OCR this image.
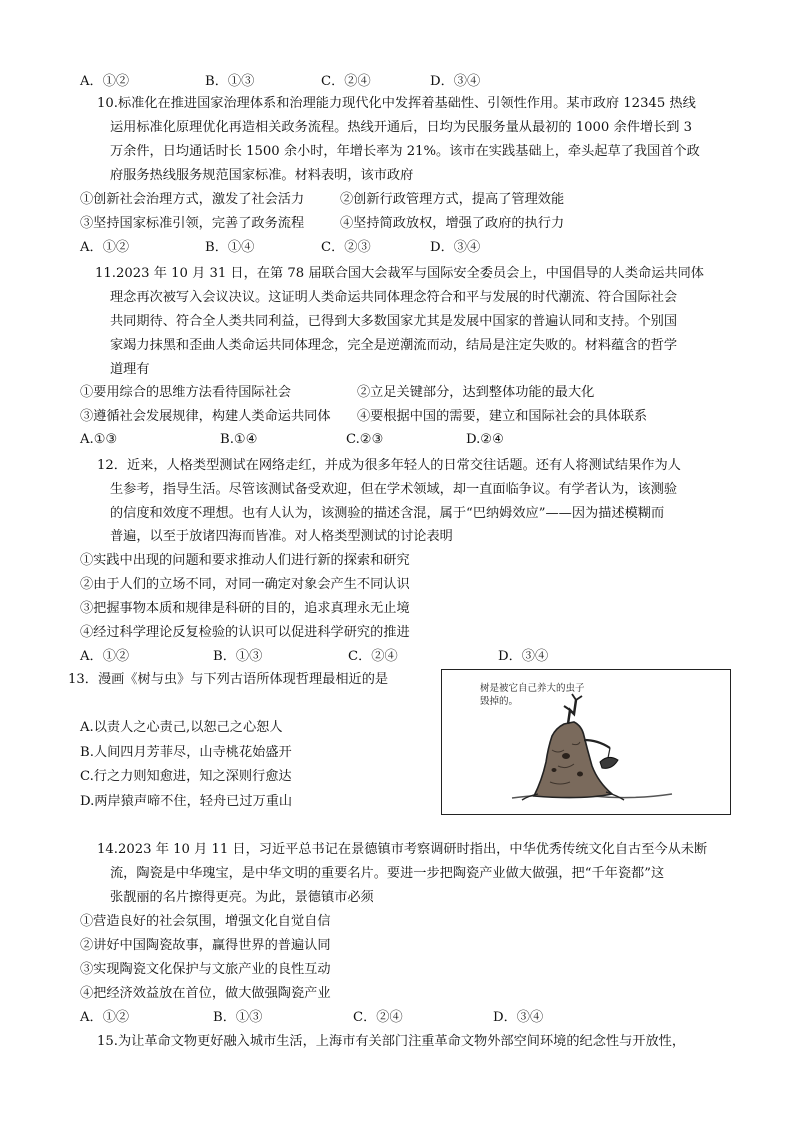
A．①②	B．①③	C．②④	D．③④
10.标准化在推进国家治理体系和治理能力现代化中发挥着基础性、引领性作用。某市政府 12345 热线
运用标准化原理优化再造相关政务流程。热线开通后，日均为民服务量从最初的 1000 余件增长到 3
万余件，日均通话时长 1500 余小时，年增长率为 21%。该市在实践基础上，牵头起草了我国首个政
府服务热线服务规范国家标准。材料表明，该市政府
①创新社会治理方式，激发了社会活力	②创新行政管理方式，提高了管理效能
③坚持国家标准引领，完善了政务流程	④坚持简政放权，增强了政府的执行力
A．①②	B．①④	C．②③	D．③④
11.2023 年 10 月 31 日，在第 78 届联合国大会裁军与国际安全委员会上，中国倡导的人类命运共同体
理念再次被写入会议决议。这证明人类命运共同体理念符合和平与发展的时代潮流、符合国际社会
共同期待、符合全人类共同利益，已得到大多数国家尤其是发展中国家的普遍认同和支持。个别国
家竭力抹黑和歪曲人类命运共同体理念，完全是逆潮流而动，结局是注定失败的。材料蕴含的哲学
道理有
①要用综合的思维方法看待国际社会	②立足关键部分，达到整体功能的最大化
③遵循社会发展规律，构建人类命运共同体 ④要根据中国的需要，建立和国际社会的具体联系
A.①③	B.①④	C.②③	D.②④
12．近来，人格类型测试在网络走红，并成为很多年轻人的日常交往话题。还有人将测试结果作为人
生参考，指导生活。尽管该测试备受欢迎，但在学术领域，却一直面临争议。有学者认为，该测验
的信度和效度不理想。也有人认为，该测验的描述含混，属于“巴纳姆效应”——因为描述模糊而
普遍，以至于放诸四海而皆准。对人格类型测试的讨论表明
①实践中出现的问题和要求推动人们进行新的探索和研究
②由于人们的立场不同，对同一确定对象会产生不同认识
③把握事物本质和规律是科研的目的，追求真理永无止境
④经过科学理论反复检验的认识可以促进科学研究的推进
A．①②	B．①③	C．②④	D．③④
13．漫画《树与虫》与下列古语所体现哲理最相近的是
A.以责人之心责己,以恕己之心恕人
B.人间四月芳菲尽，山寺桃花始盛开
C.行之力则知愈进，知之深则行愈达
D.两岸猿声啼不住，轻舟已过万重山
树是被它自己养大的虫子
毁掉的。
14.2023 年 10 月 11 日，习近平总书记在景德镇市考察调研时指出，中华优秀传统文化自古至今从未断
流，陶瓷是中华瑰宝，是中华文明的重要名片。要进一步把陶瓷产业做大做强，把“千年瓷都”这
张靓丽的名片擦得更亮。为此，景德镇市必须
①营造良好的社会氛围，增强文化自觉自信
②讲好中国陶瓷故事，赢得世界的普遍认同
③实现陶瓷文化保护与文旅产业的良性互动
④把经济效益放在首位，做大做强陶瓷产业
A．①②	B．①③	C．②④	D．③④
15.为让革命文物更好融入城市生活，上海市有关部门注重革命文物外部空间环境的纪念性与开放性，
